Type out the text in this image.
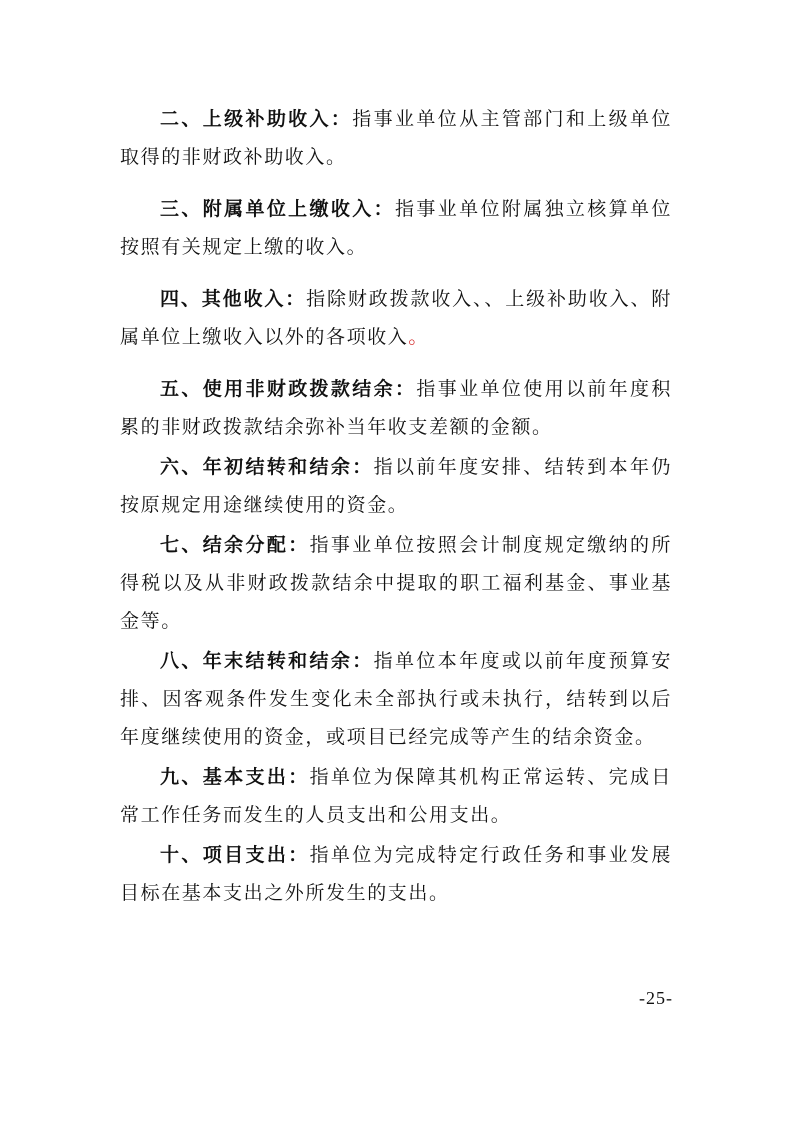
二、上级补助收入：指事业单位从主管部门和上级单位取得的非财政补助收入。

三、附属单位上缴收入：指事业单位附属独立核算单位按照有关规定上缴的收入。

四、其他收入：指除财政拨款收入、、上级补助收入、附属单位上缴收入以外的各项收入。

五、使用非财政拨款结余：指事业单位使用以前年度积累的非财政拨款结余弥补当年收支差额的金额。

六、年初结转和结余：指以前年度安排、结转到本年仍按原规定用途继续使用的资金。

七、结余分配：指事业单位按照会计制度规定缴纳的所得税以及从非财政拨款结余中提取的职工福利基金、事业基金等。

八、年末结转和结余：指单位本年度或以前年度预算安排、因客观条件发生变化未全部执行或未执行，结转到以后年度继续使用的资金，或项目已经完成等产生的结余资金。

九、基本支出：指单位为保障其机构正常运转、完成日常工作任务而发生的人员支出和公用支出。

十、项目支出：指单位为完成特定行政任务和事业发展目标在基本支出之外所发生的支出。

-25-
